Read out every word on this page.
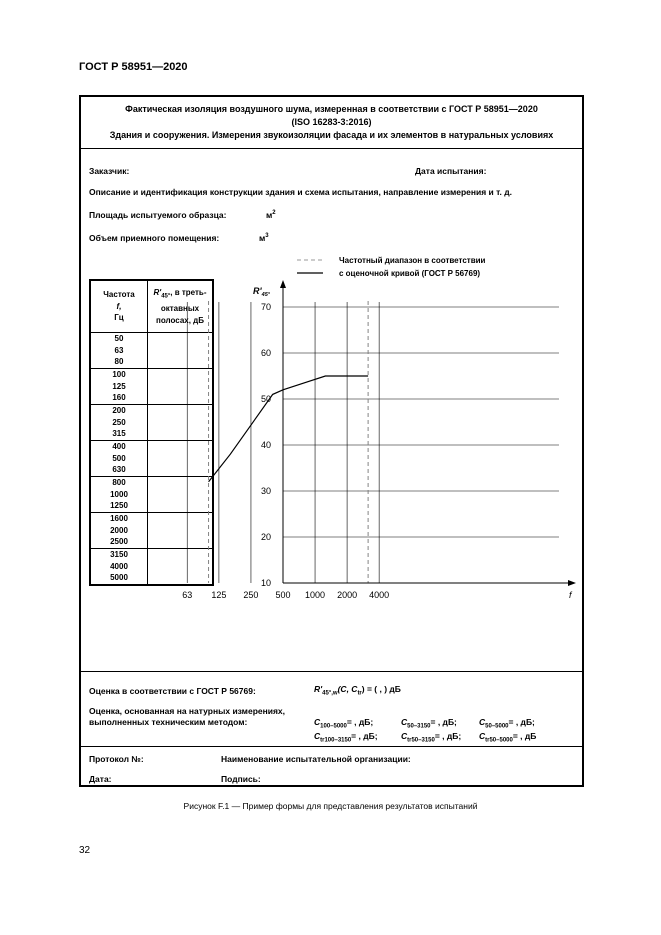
ГОСТ Р 58951—2020
Фактическая изоляция воздушного шума, измеренная в соответствии с ГОСТ Р 58951—2020
(ISO 16283-3:2016)
Здания и сооружения. Измерения звукоизоляции фасада и их элементов в натуральных условиях
Заказчик:	Дата испытания:
Описание и идентификация конструкции здания и схема испытания, направление измерения и т. д.
Площадь испытуемого образца:	$м^2$
Объем приемного помещения:	$м^3$
Частота
f,
Гц	$R'_{45^\circ}$, в треть-
октавных
полосах, дБ

50
63
80	

100
125
160	

200
250
315	

400
500
630	

800
1000
1250	

1600
2000
2500	

3150
4000
5000	

Частотный диапазон в соответствии
с оценочной кривой (ГОСТ Р 56769)
$R'_{45^\circ}$
f
10
20
30
40
50
60
70
63 125 250 500 1000 2000 4000
Оценка в соответствии с ГОСТ Р 56769:	$R'_{45^\circ,w}(C$, $C_{tr}$) = ( , ) дБ
Оценка, основанная на натурных измерениях,
выполненных техническим методом:	$C_{100-5000}=$ , дБ;	$C_{50-3150}=$ , дБ;	$C_{50-5000}=$ , дБ;
$C_{tr100-3150}=$ , дБ;	$C_{tr50-3150}=$ , дБ; $C_{tr50-5000}=$ , дБ
Протокол №:	Наименование испытательной организации:
Дата:	Подпись:
Рисунок F.1 — Пример формы для представления результатов испытаний
32
